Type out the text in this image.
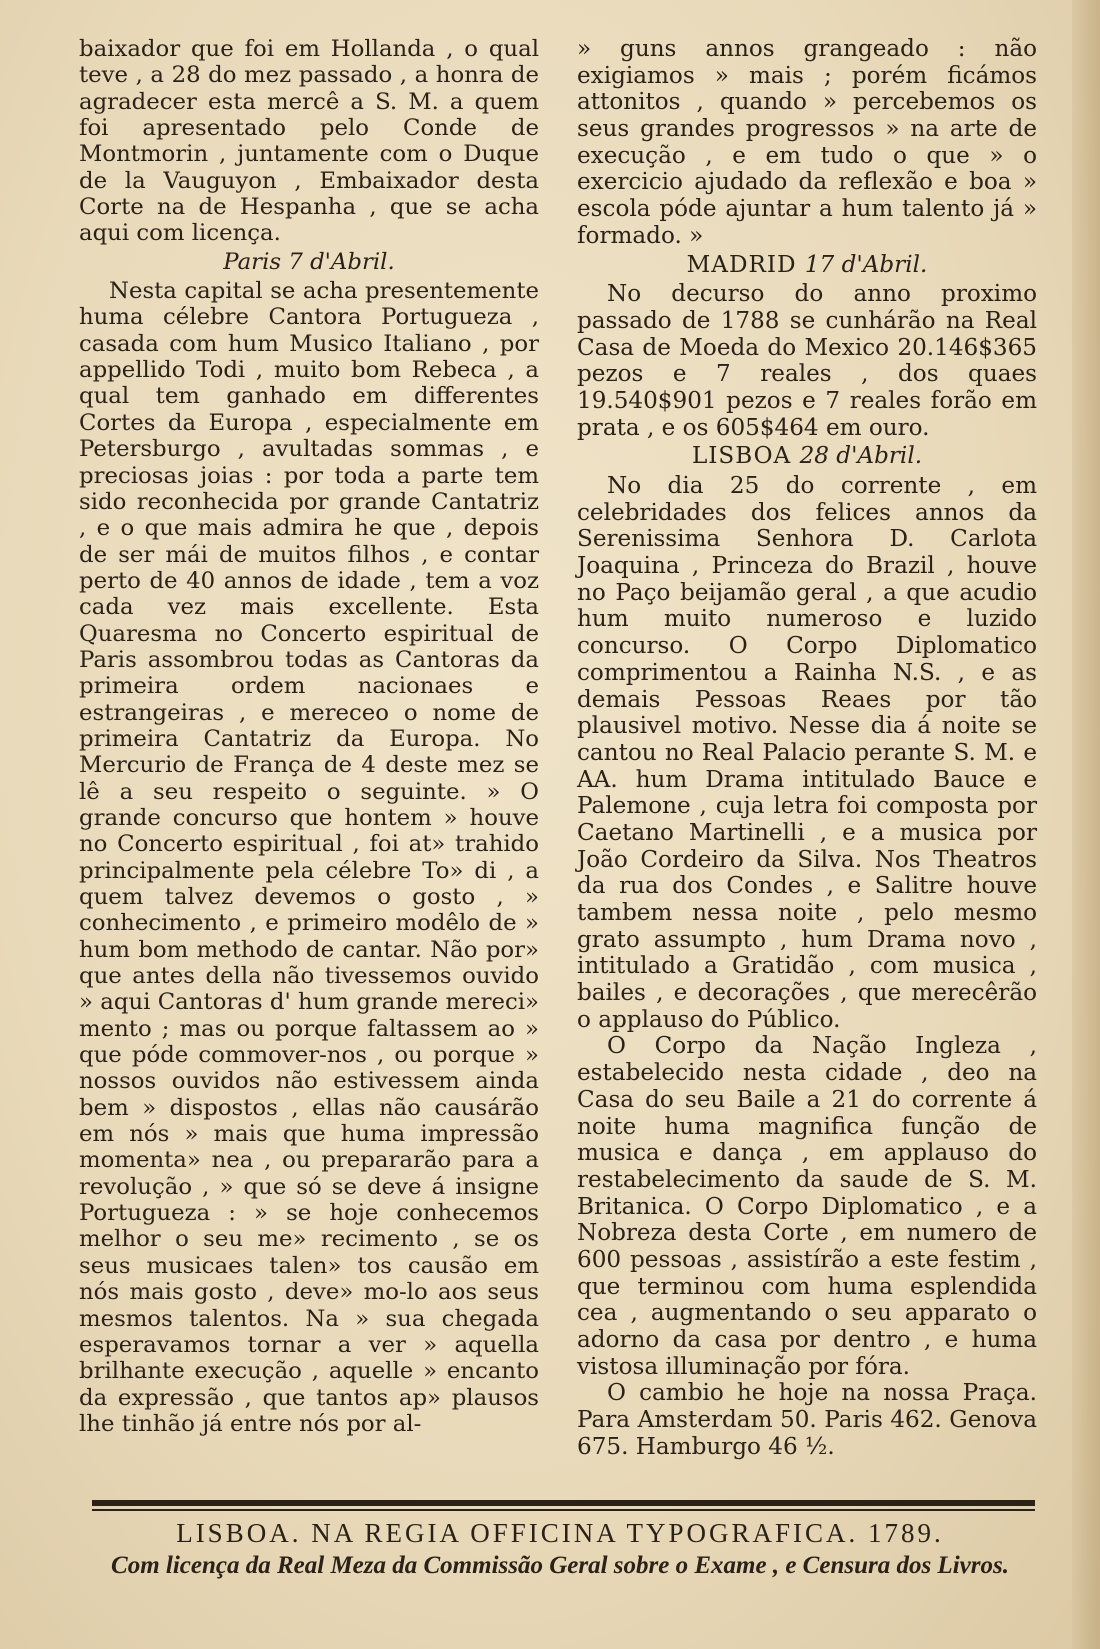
baixador que foi em Hollanda , o qual teve , a 28 do mez passado , a honra de agradecer esta mercê a S. M. a quem foi apresentado pelo Conde de Montmorin , juntamente com o Duque de la Vauguyon , Embaixador desta Corte na de Hespanha , que se acha aqui com licença.

Paris 7 d'Abril.

Nesta capital se acha presentemente huma célebre Cantora Portugueza , casada com hum Musico Italiano , por appellido Todi , muito bom Rebeca , a qual tem ganhado em differentes Cortes da Europa , especialmente em Petersburgo , avultadas sommas , e preciosas joias : por toda a parte tem sido reconhecida por grande Cantatriz , e o que mais admira he que , depois de ser mái de muitos filhos , e contar perto de 40 annos de idade , tem a voz cada vez mais excellente. Esta Quaresma no Concerto espiritual de Paris assombrou todas as Cantoras da primeira ordem nacionaes e estrangeiras , e mereceo o nome de primeira Cantatriz da Europa. No Mercurio de França de 4 deste mez se lê a seu respeito o seguinte. » O grande concurso que hontem » houve no Concerto espiritual , foi at» trahido principalmente pela célebre To» di , a quem talvez devemos o gosto , » conhecimento , e primeiro modêlo de » hum bom methodo de cantar. Não por» que antes della não tivessemos ouvido » aqui Cantoras d' hum grande mereci» mento ; mas ou porque faltassem ao » que póde commover-nos , ou porque » nossos ouvidos não estivessem ainda bem » dispostos , ellas não causárão em nós » mais que huma impressão momenta» nea , ou prepararão para a revolução , » que só se deve á insigne Portugueza : » se hoje conhecemos melhor o seu me» recimento , se os seus musicaes talen» tos causão em nós mais gosto , deve» mo-lo aos seus mesmos talentos. Na » sua chegada esperavamos tornar a ver » aquella brilhante execução , aquelle » encanto da expressão , que tantos ap» plausos lhe tinhão já entre nós por al-

» guns annos grangeado : não exigiamos » mais ; porém ficámos attonitos , quando » percebemos os seus grandes progressos » na arte de execução , e em tudo o que » o exercicio ajudado da reflexão e boa » escola póde ajuntar a hum talento já » formado. »

MADRID 17 d'Abril.

No decurso do anno proximo passado de 1788 se cunhárão na Real Casa de Moeda do Mexico 20.146$365 pezos e 7 reales , dos quaes 19.540$901 pezos e 7 reales forão em prata , e os 605$464 em ouro.

LISBOA 28 d'Abril.

No dia 25 do corrente , em celebridades dos felices annos da Serenissima Senhora D. Carlota Joaquina , Princeza do Brazil , houve no Paço beijamão geral , a que acudio hum muito numeroso e luzido concurso. O Corpo Diplomatico comprimentou a Rainha N.S. , e as demais Pessoas Reaes por tão plausivel motivo. Nesse dia á noite se cantou no Real Palacio perante S. M. e AA. hum Drama intitulado Bauce e Palemone , cuja letra foi composta por Caetano Martinelli , e a musica por João Cordeiro da Silva. Nos Theatros da rua dos Condes , e Salitre houve tambem nessa noite , pelo mesmo grato assumpto , hum Drama novo , intitulado a Gratidão , com musica , bailes , e decorações , que merecêrão o applauso do Público.

O Corpo da Nação Ingleza , estabelecido nesta cidade , deo na Casa do seu Baile a 21 do corrente á noite huma magnifica função de musica e dança , em applauso do restabelecimento da saude de S. M. Britanica. O Corpo Diplomatico , e a Nobreza desta Corte , em numero de 600 pessoas , assistírão a este festim , que terminou com huma esplendida cea , augmentando o seu apparato o adorno da casa por dentro , e huma vistosa illuminação por fóra.

O cambio he hoje na nossa Praça. Para Amsterdam 50. Paris 462. Genova 675. Hamburgo 46 ½.

LISBOA. NA REGIA OFFICINA TYPOGRAFICA. 1789.
Com licença da Real Meza da Commissão Geral sobre o Exame , e Censura dos Livros.
